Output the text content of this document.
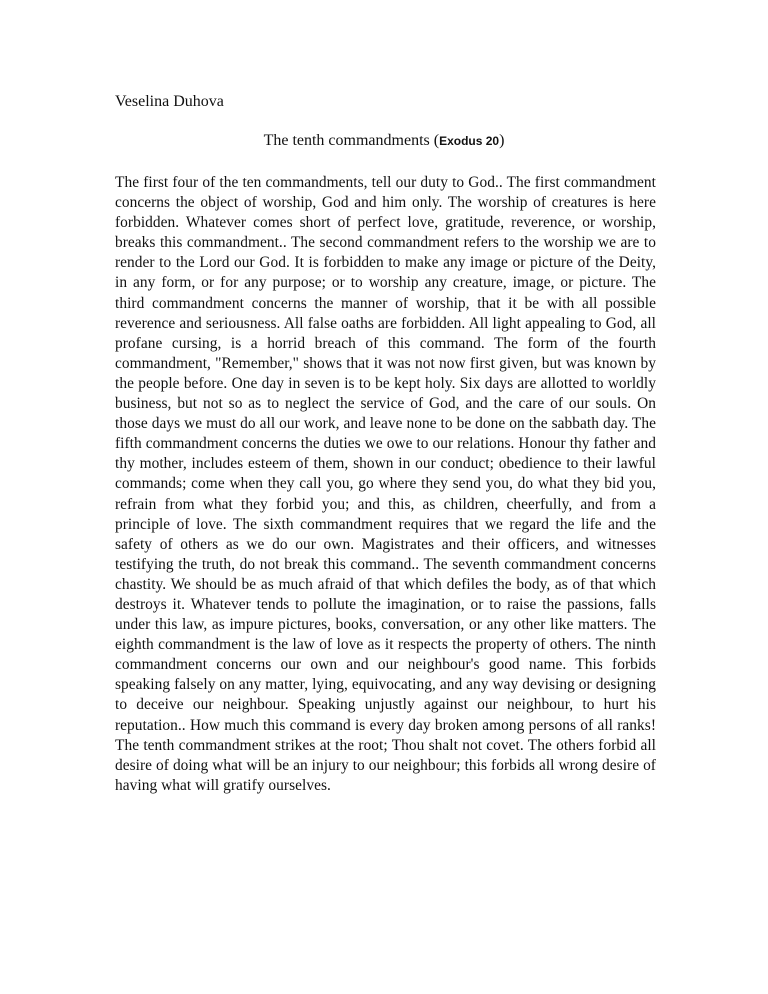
Veselina Duhova
The tenth commandments (Exodus 20)

The first four of the ten commandments, tell our duty to God.. The first commandment concerns the object of worship, God and him only. The worship of creatures is here forbidden. Whatever comes short of perfect love, gratitude, reverence, or worship, breaks this commandment.. The second commandment refers to the worship we are to render to the Lord our God. It is forbidden to make any image or picture of the Deity, in any form, or for any purpose; or to worship any creature, image, or picture. The third commandment concerns the manner of worship, that it be with all possible reverence and seriousness. All false oaths are forbidden. All light appealing to God, all profane cursing, is a horrid breach of this command. The form of the fourth commandment, "Remember," shows that it was not now first given, but was known by the people before. One day in seven is to be kept holy. Six days are allotted to worldly business, but not so as to neglect the service of God, and the care of our souls. On those days we must do all our work, and leave none to be done on the sabbath day. The fifth commandment concerns the duties we owe to our relations. Honour thy father and thy mother, includes esteem of them, shown in our conduct; obedience to their lawful commands; come when they call you, go where they send you, do what they bid you, refrain from what they forbid you; and this, as children, cheerfully, and from a principle of love. The sixth commandment requires that we regard the life and the safety of others as we do our own. Magistrates and their officers, and witnesses testifying the truth, do not break this command.. The seventh commandment concerns chastity. We should be as much afraid of that which defiles the body, as of that which destroys it. Whatever tends to pollute the imagination, or to raise the passions, falls under this law, as impure pictures, books, conversation, or any other like matters. The eighth commandment is the law of love as it respects the property of others. The ninth commandment concerns our own and our neighbour's good name. This forbids speaking falsely on any matter, lying, equivocating, and any way devising or designing to deceive our neighbour. Speaking unjustly against our neighbour, to hurt his reputation.. How much this command is every day broken among persons of all ranks! The tenth commandment strikes at the root; Thou shalt not covet. The others forbid all desire of doing what will be an injury to our neighbour; this forbids all wrong desire of having what will gratify ourselves.
